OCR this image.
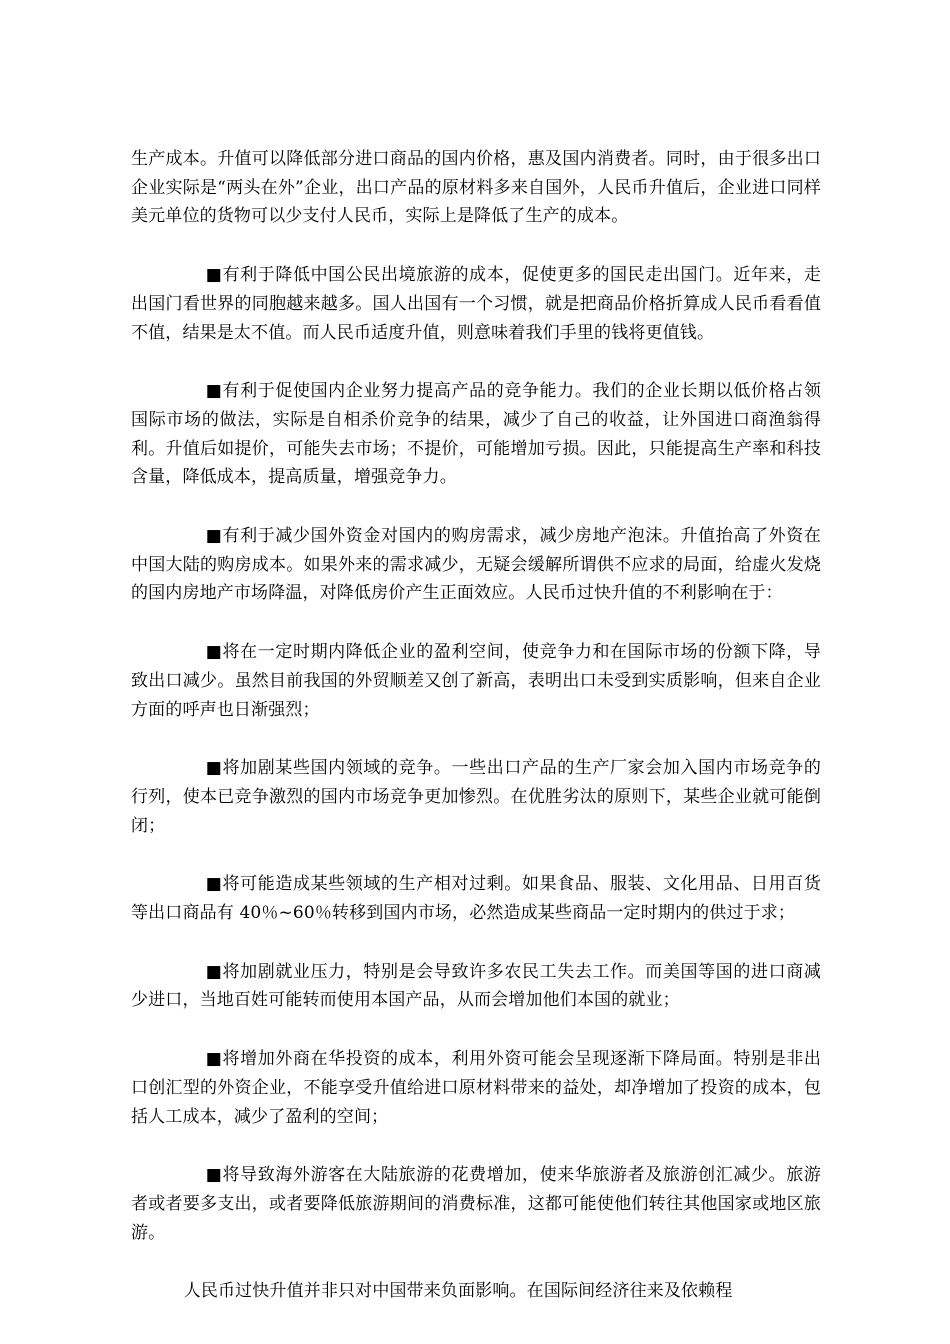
生产成本。升值可以降低部分进口商品的国内价格，惠及国内消费者。同时，由于很多出口企业实际是“两头在外”企业，出口产品的原材料多来自国外，人民币升值后，企业进口同样美元单位的货物可以少支付人民币，实际上是降低了生产的成本。

■有利于降低中国公民出境旅游的成本，促使更多的国民走出国门。近年来，走出国门看世界的同胞越来越多。国人出国有一个习惯，就是把商品价格折算成人民币看看值不值，结果是太不值。而人民币适度升值，则意味着我们手里的钱将更值钱。

■有利于促使国内企业努力提高产品的竞争能力。我们的企业长期以低价格占领国际市场的做法，实际是自相杀价竞争的结果，减少了自己的收益，让外国进口商渔翁得利。升值后如提价，可能失去市场；不提价，可能增加亏损。因此，只能提高生产率和科技含量，降低成本，提高质量，增强竞争力。

■有利于减少国外资金对国内的购房需求，减少房地产泡沫。升值抬高了外资在中国大陆的购房成本。如果外来的需求减少，无疑会缓解所谓供不应求的局面，给虚火发烧的国内房地产市场降温，对降低房价产生正面效应。人民币过快升值的不利影响在于：

■将在一定时期内降低企业的盈利空间，使竞争力和在国际市场的份额下降，导致出口减少。虽然目前我国的外贸顺差又创了新高，表明出口未受到实质影响，但来自企业方面的呼声也日渐强烈；

■将加剧某些国内领域的竞争。一些出口产品的生产厂家会加入国内市场竞争的行列，使本已竞争激烈的国内市场竞争更加惨烈。在优胜劣汰的原则下，某些企业就可能倒闭；

■将可能造成某些领域的生产相对过剩。如果食品、服装、文化用品、日用百货等出口商品有 40％~60％转移到国内市场，必然造成某些商品一定时期内的供过于求；

■将加剧就业压力，特别是会导致许多农民工失去工作。而美国等国的进口商减少进口，当地百姓可能转而使用本国产品，从而会增加他们本国的就业；

■将增加外商在华投资的成本，利用外资可能会呈现逐渐下降局面。特别是非出口创汇型的外资企业，不能享受升值给进口原材料带来的益处，却净增加了投资的成本，包括人工成本，减少了盈利的空间；

■将导致海外游客在大陆旅游的花费增加，使来华旅游者及旅游创汇减少。旅游者或者要多支出，或者要降低旅游期间的消费标准，这都可能使他们转往其他国家或地区旅游。

人民币过快升值并非只对中国带来负面影响。在国际间经济往来及依赖程
